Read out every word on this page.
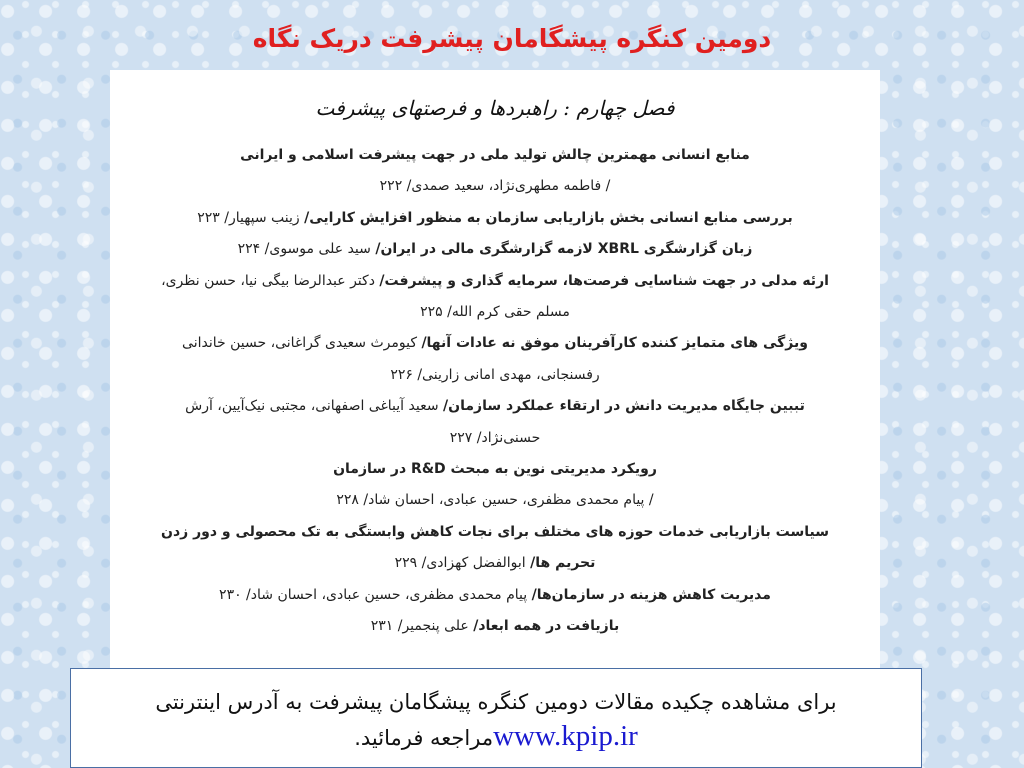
دومین کنگره پیشگامان پیشرفت دریک نگاه
فصل چهارم : راهبردها و فرصتهای پیشرفت
منابع انسانی مهمترین چالش تولید ملی در جهت پیشرفت اسلامی و ایرانی
/ فاطمه مطهری‌نژاد، سعید صمدی/ ۲۲۲
بررسی منابع انسانی بخش بازاریابی سازمان به منظور افزایش کارایی/ زینب سپهیار/ ۲۲۳
زبان گزارشگری XBRL لازمه گزارشگری مالی در ایران/ سید علی موسوی/ ۲۲۴
ارئه مدلی در جهت شناسایی فرصت‌ها، سرمایه گذاری و پیشرفت/ دکتر عبدالرضا بیگی نیا، حسن نظری،
مسلم حقی کرم الله/ ۲۲۵
ویژگی های متمایز کننده کارآفرینان موفق نه عادات آنها/ کیومرث سعیدی گراغانی، حسین خاندانی
رفسنجانی، مهدی امانی زارینی/ ۲۲۶
تببین جایگاه مدیریت دانش در ارتقاء عملکرد سازمان/ سعید آیباغی اصفهانی، مجتبی نیک‌آیین، آرش
حسنی‌نژاد/ ۲۲۷
رویکرد مدیریتی نوین به مبحث R&D در سازمان
/ پیام محمدی مظفری، حسین عبادی، احسان شاد/ ۲۲۸
سیاست بازاریابی خدمات حوزه های مختلف برای نجات کاهش وابستگی به تک محصولی و دور زدن
تحریم ها/ ابوالفضل کهزادی/ ۲۲۹
مدیریت کاهش هزینه در سازمان‌ها/ پیام محمدی مظفری، حسین عبادی، احسان شاد/ ۲۳۰
بازیافت در همه ابعاد/ علی پنجمیر/ ۲۳۱
برای مشاهده چکیده مقالات دومین کنگره پیشگامان پیشرفت به آدرس اینترنتی
www.kpip.irمراجعه فرمائید.
